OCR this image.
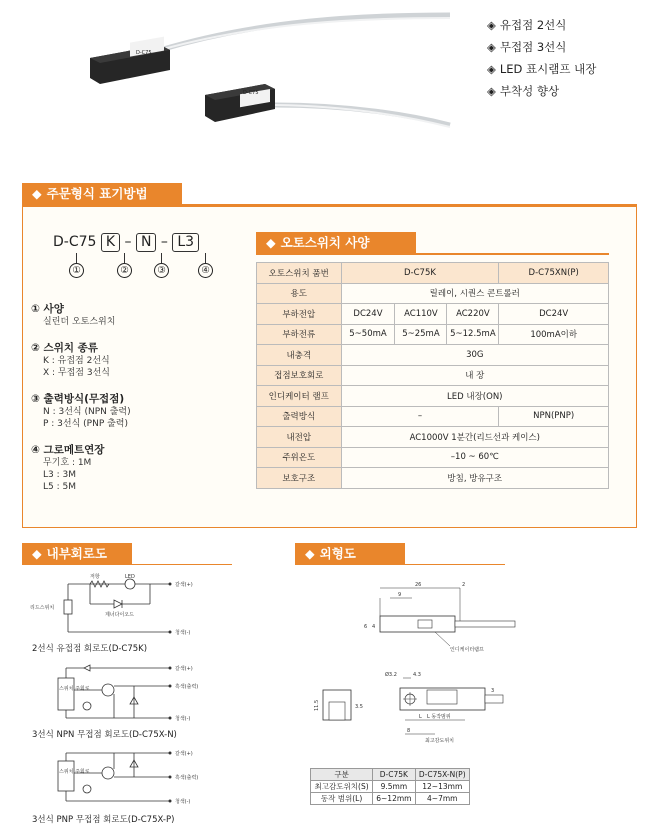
D-C75
D-C75
◈ 유접점 2선식
◈ 무접점 3선식
◈ LED 표시램프 내장
◈ 부착성 향상
◆ 주문형식 표기방법
D-C75 K – N – L3
①	②	③	④
① 사양
실린더 오토스위치
② 스위치 종류
K : 유접점 2선식
X : 무접점 3선식
③ 출력방식(무접점)
N : 3선식 (NPN 출력)
P : 3선식 (PNP 출력)
④ 그로메트연장
무기호 : 1M
L3 : 3M
L5 : 5M
◆ 오토스위치 사양
오토스위치 품번	D-C75K			D-C75XN(P)
용도	릴레이, 시퀀스 콘트롤러			
부하전압	DC24V	AC110V	AC220V	DC24V
부하전류	5~50mA	5~25mA	5~12.5mA	100mA이하
내충격	30G			
접점보호회로	내 장			
인디케이터 램프	LED 내장(ON)			
출력방식	–			NPN(PNP)
내전압	AC1000V 1분간(리드선과 케이스)			
주위온도	–10 ~ 60℃			
보호구조	방침, 방유구조			
◆ 내부회로도
저항	LED
리드스위치
제너다이오드
갈색(+)
청색(-)
2선식 유접점 회로도(D-C75K)
스위치 주회로
갈색(+)
흑색(출력)
청색(-)
3선식 NPN 무접점 회로도(D-C75X-N)
스위치 주회로
갈색(+)
흑색(출력)
청색(-)
3선식 PNP 무접점 회로도(D-C75X-P)
◆ 외형도
26	2
9
6 4
인디케이터램프
11.5	3.5
Ø3.2	4.3
3
L L 동작범위
8
최고감도위치
구분	D-C75K	D-C75X-N(P)
최고감도위치(S)	9.5mm	12~13mm
동작 범위(L)	6~12mm	4~7mm
